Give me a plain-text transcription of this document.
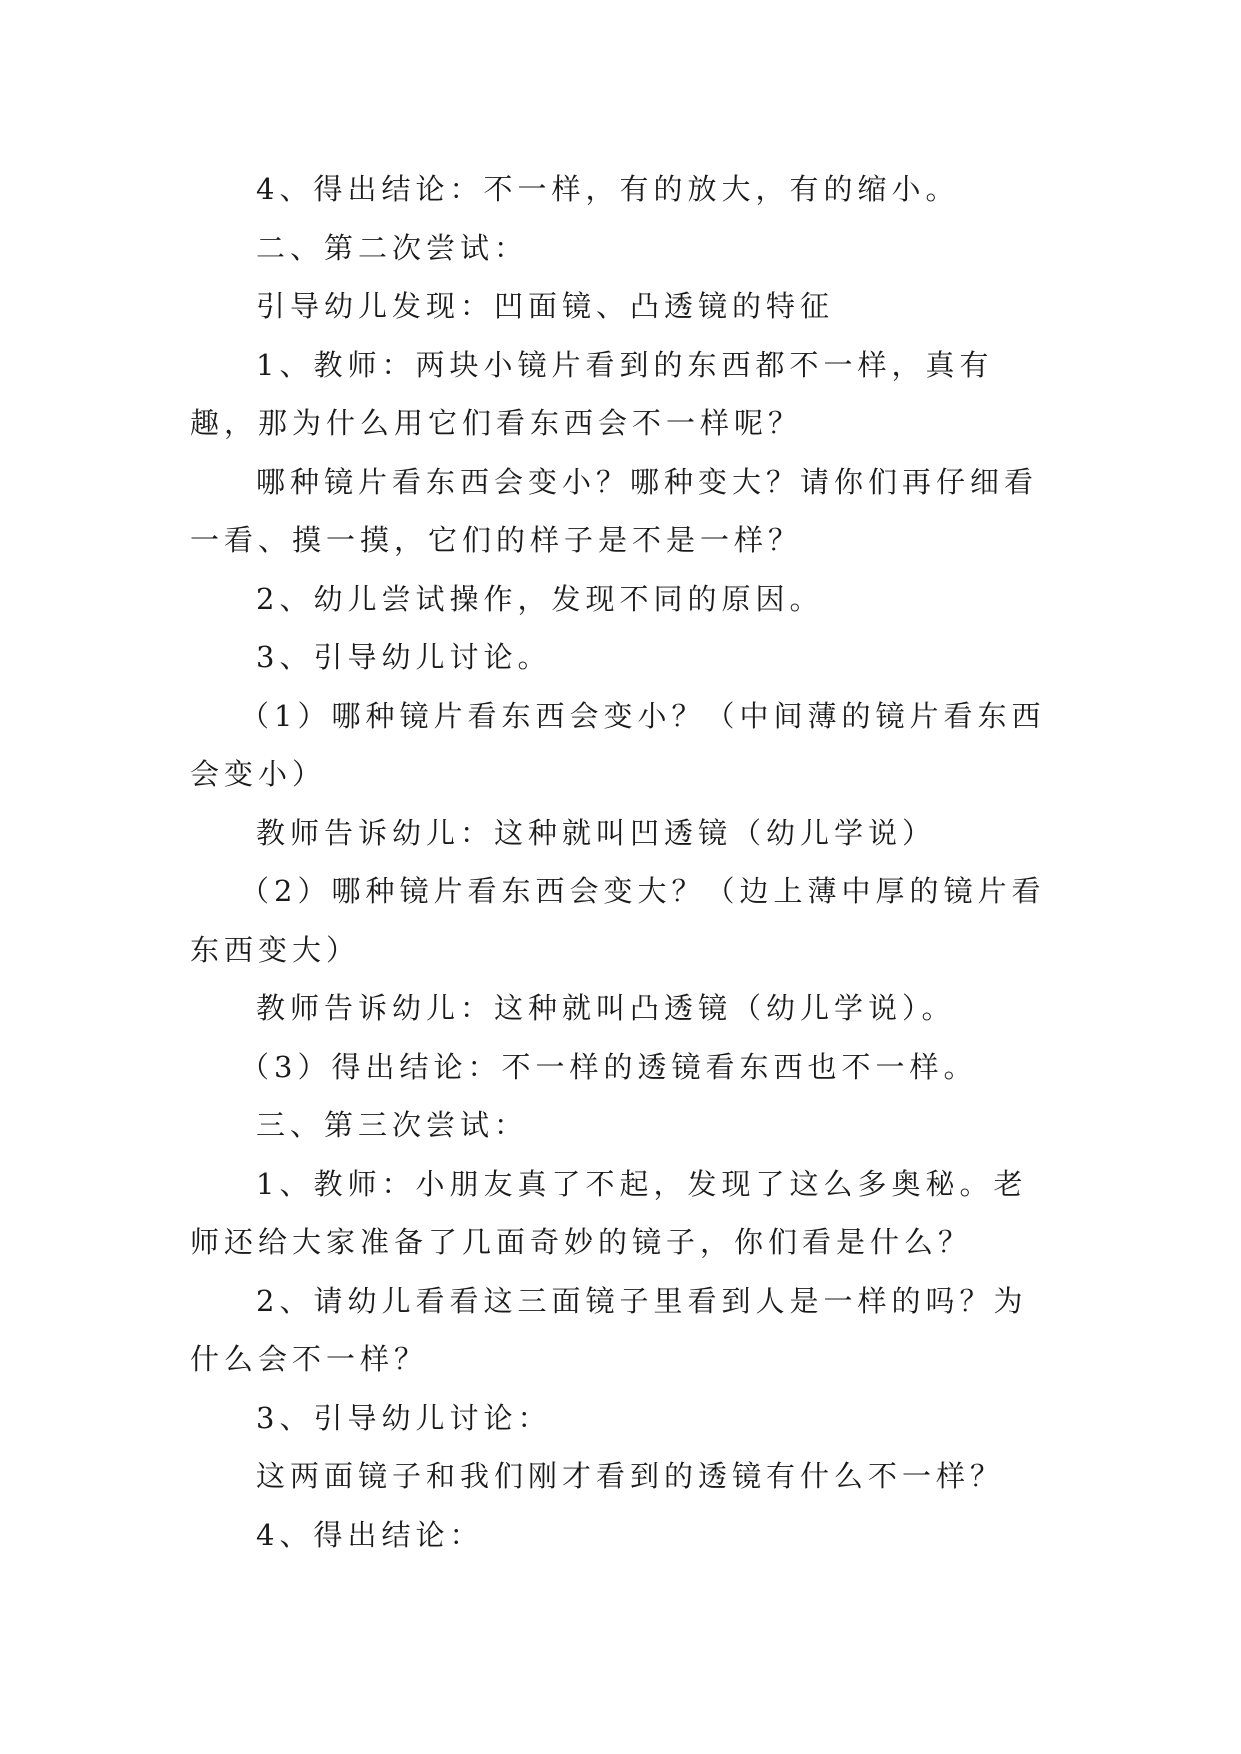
4、得出结论：不一样，有的放大，有的缩小。

二、第二次尝试：

引导幼儿发现：凹面镜、凸透镜的特征

1、教师：两块小镜片看到的东西都不一样，真有趣，那为什么用它们看东西会不一样呢？

哪种镜片看东西会变小？哪种变大？请你们再仔细看一看、摸一摸，它们的样子是不是一样？

2、幼儿尝试操作，发现不同的原因。

3、引导幼儿讨论。

（1）哪种镜片看东西会变小？（中间薄的镜片看东西会变小）

教师告诉幼儿：这种就叫凹透镜（幼儿学说）

（2）哪种镜片看东西会变大？（边上薄中厚的镜片看东西变大）

教师告诉幼儿：这种就叫凸透镜（幼儿学说）。

（3）得出结论：不一样的透镜看东西也不一样。

三、第三次尝试：

1、教师：小朋友真了不起，发现了这么多奥秘。老师还给大家准备了几面奇妙的镜子，你们看是什么？

2、请幼儿看看这三面镜子里看到人是一样的吗？为什么会不一样？

3、引导幼儿讨论：

这两面镜子和我们刚才看到的透镜有什么不一样？

4、得出结论：
